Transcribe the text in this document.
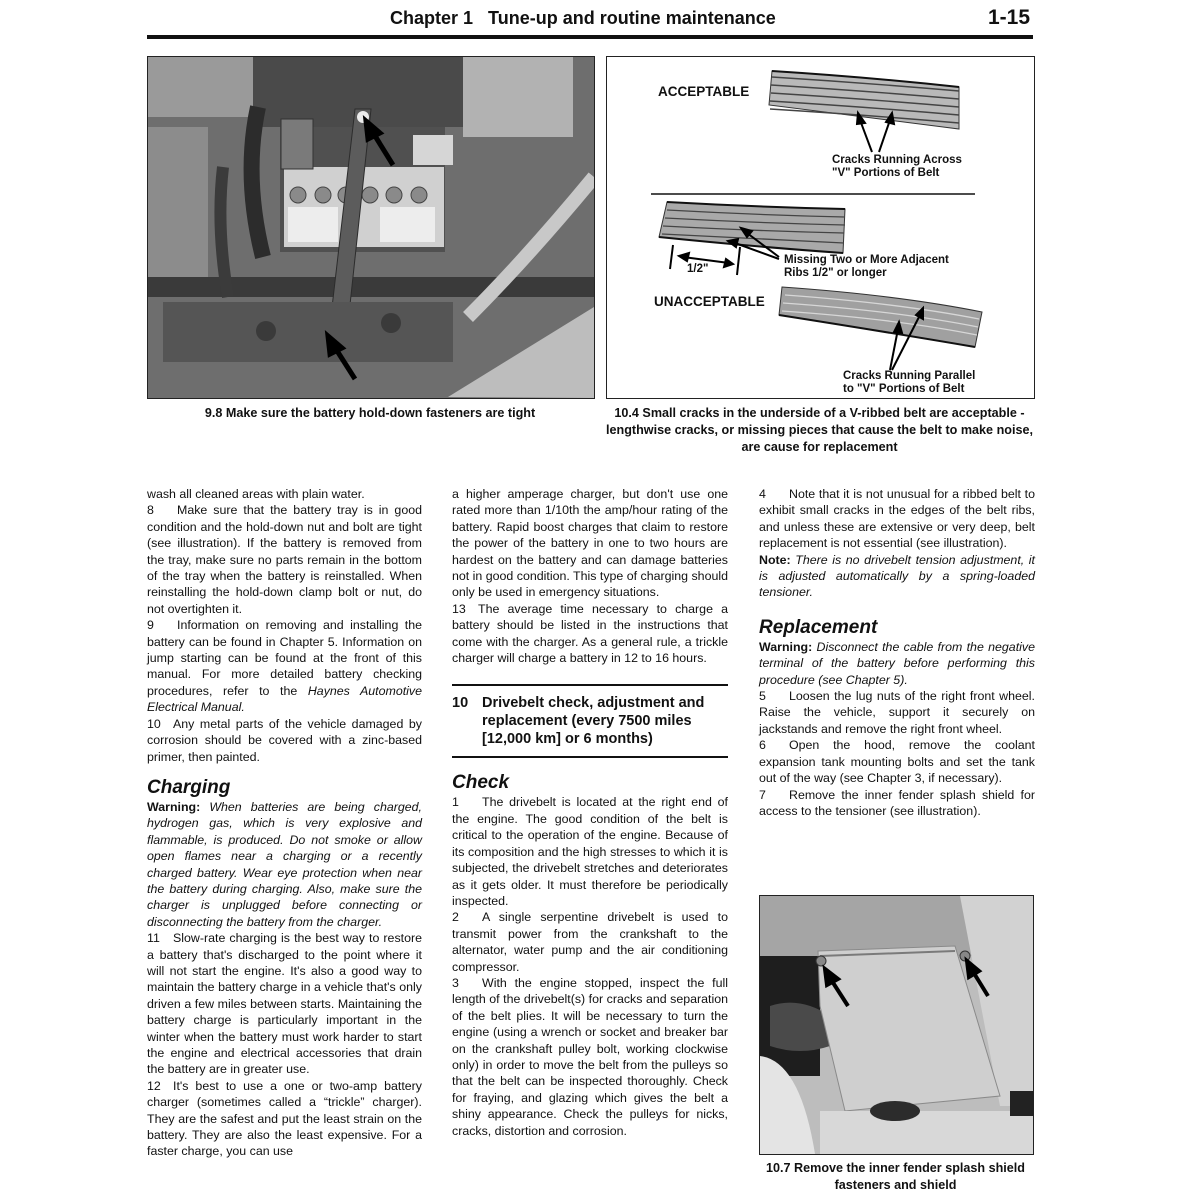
Chapter 1 Tune-up and routine maintenance	1-15
9.8 Make sure the battery hold-down fasteners are tight
ACCEPTABLE
Cracks Running Across
"V" Portions of Belt
1/2"
Missing Two or More Adjacent
Ribs 1/2" or longer
UNACCEPTABLE
Cracks Running Parallel
to "V" Portions of Belt
10.4 Small cracks in the underside of a V-ribbed belt are acceptable - lengthwise cracks, or missing pieces that cause the belt to make noise, are cause for replacement

wash all cleaned areas with plain water.

8 Make sure that the battery tray is in good condition and the hold-down nut and bolt are tight (see illustration). If the battery is removed from the tray, make sure no parts remain in the bottom of the tray when the battery is reinstalled. When reinstalling the hold-down clamp bolt or nut, do not overtighten it.

9 Information on removing and installing the battery can be found in Chapter 5. Information on jump starting can be found at the front of this manual. For more detailed battery checking procedures, refer to the Haynes Automotive Electrical Manual.

10 Any metal parts of the vehicle damaged by corrosion should be covered with a zinc-based primer, then painted.

Charging

Warning: When batteries are being charged, hydrogen gas, which is very explosive and flammable, is produced. Do not smoke or allow open flames near a charging or a recently charged battery. Wear eye protection when near the battery during charging. Also, make sure the charger is unplugged before connecting or disconnecting the battery from the charger.

11 Slow-rate charging is the best way to restore a battery that's discharged to the point where it will not start the engine. It's also a good way to maintain the battery charge in a vehicle that's only driven a few miles between starts. Maintaining the battery charge is particularly important in the winter when the battery must work harder to start the engine and electrical accessories that drain the battery are in greater use.

12 It's best to use a one or two-amp battery charger (sometimes called a “trickle” charger). They are the safest and put the least strain on the battery. They are also the least expensive. For a faster charge, you can use

a higher amperage charger, but don't use one rated more than 1/10th the amp/hour rating of the battery. Rapid boost charges that claim to restore the power of the battery in one to two hours are hardest on the battery and can damage batteries not in good condition. This type of charging should only be used in emergency situations.

13 The average time necessary to charge a battery should be listed in the instructions that come with the charger. As a general rule, a trickle charger will charge a battery in 12 to 16 hours.

10 Drivebelt check, adjustment and replacement (every 7500 miles [12,000 km] or 6 months)

Check

1 The drivebelt is located at the right end of the engine. The good condition of the belt is critical to the operation of the engine. Because of its composition and the high stresses to which it is subjected, the drivebelt stretches and deteriorates as it gets older. It must therefore be periodically inspected.

2 A single serpentine drivebelt is used to transmit power from the crankshaft to the alternator, water pump and the air conditioning compressor.

3 With the engine stopped, inspect the full length of the drivebelt(s) for cracks and separation of the belt plies. It will be necessary to turn the engine (using a wrench or socket and breaker bar on the crankshaft pulley bolt, working clockwise only) in order to move the belt from the pulleys so that the belt can be inspected thoroughly. Check for fraying, and glazing which gives the belt a shiny appearance. Check the pulleys for nicks, cracks, distortion and corrosion.

4 Note that it is not unusual for a ribbed belt to exhibit small cracks in the edges of the belt ribs, and unless these are extensive or very deep, belt replacement is not essential (see illustration).

Note: There is no drivebelt tension adjustment, it is adjusted automatically by a spring-loaded tensioner.

Replacement

Warning: Disconnect the cable from the negative terminal of the battery before performing this procedure (see Chapter 5).

5 Loosen the lug nuts of the right front wheel. Raise the vehicle, support it securely on jackstands and remove the right front wheel.

6 Open the hood, remove the coolant expansion tank mounting bolts and set the tank out of the way (see Chapter 3, if necessary).

7 Remove the inner fender splash shield for access to the tensioner (see illustration).

10.7 Remove the inner fender splash shield fasteners and shield
